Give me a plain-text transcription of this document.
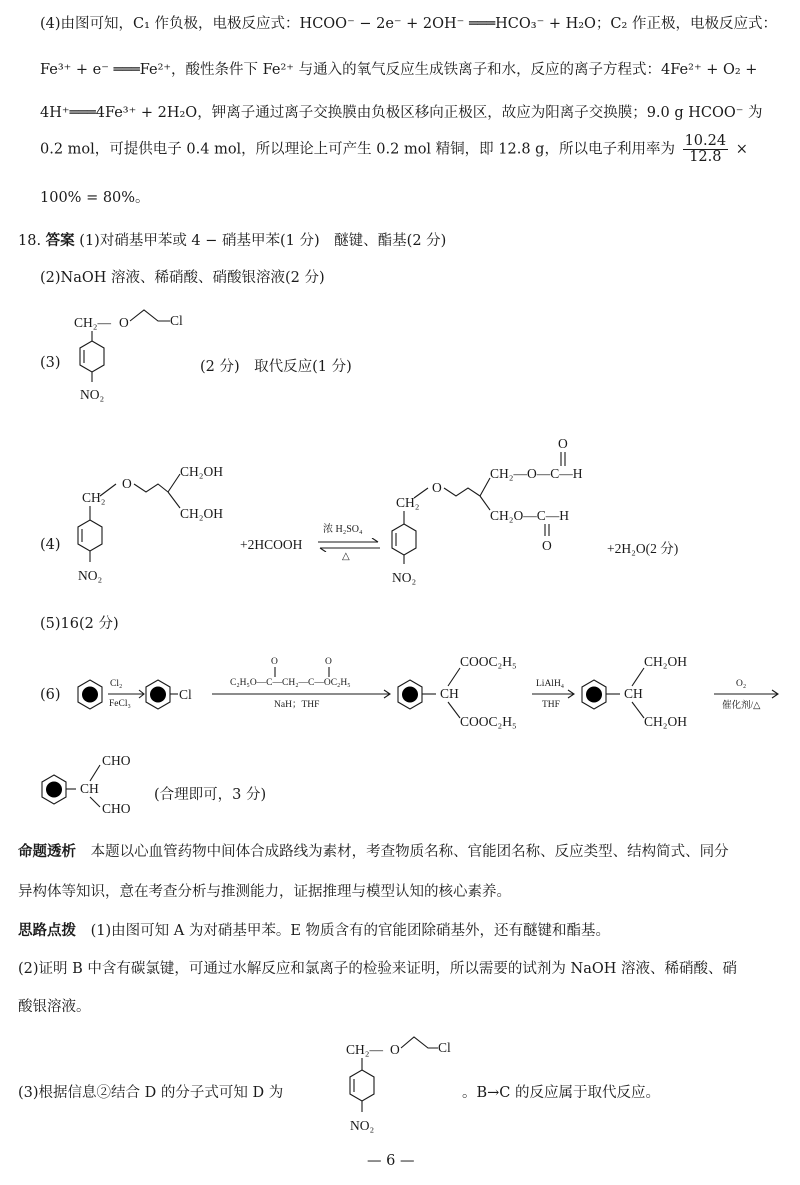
(4)由图可知，C₁ 作负极，电极反应式：HCOO⁻ − 2e⁻ + 2OH⁻ ═══HCO₃⁻ + H₂O；C₂ 作正极，电极反应式：
Fe³⁺ + e⁻ ═══Fe²⁺，酸性条件下 Fe²⁺ 与通入的氧气反应生成铁离子和水，反应的离子方程式：4Fe²⁺ + O₂ +
4H⁺═══4Fe³⁺ + 2H₂O，钾离子通过离子交换膜由负极区移向正极区，故应为阳离子交换膜；9.0 g HCOO⁻ 为
0.2 mol，可提供电子 0.4 mol，所以理论上可产生 0.2 mol 精铜，即 12.8 g，所以电子利用率为 $\frac{10.24}{12.8}$ ×
100% = 80%。
18. 答案 (1)对硝基甲苯或 4 − 硝基甲苯(1 分)　醚键、酯基(2 分)
(2)NaOH 溶液、稀硝酸、硝酸银溶液(2 分)
(3)
CH₂— O	Cl
NO₂
(2 分)　取代反应(1 分)
(4)
CH₂
NO₂
O
CH₂OH
CH₂OH
+2HCOOH
浓 H₂SO₄
△
CH₂
NO₂
O
CH₂—O—C—H
O
CH₂O—C—H
O	+2H₂O(2 分)
(5)16(2 分)
(6)
Cl₂
FeCl₃
Cl
C₂H₅O—C—CH₂—C—OC₂H₅
O	O
NaH；THF
CH
COOC₂H₅
COOC₂H₅
LiAlH₄
THF
CH
CH₂OH
CH₂OH
O₂
催化剂/△
CH
CHO
CHO
(合理即可，3 分)
命题透析 本题以心血管药物中间体合成路线为素材，考查物质名称、官能团名称、反应类型、结构简式、同分
异构体等知识，意在考查分析与推测能力，证据推理与模型认知的核心素养。
思路点拨 (1)由图可知 A 为对硝基甲苯。E 物质含有的官能团除硝基外，还有醚键和酯基。
(2)证明 B 中含有碳氯键，可通过水解反应和氯离子的检验来证明，所以需要的试剂为 NaOH 溶液、稀硝酸、硝
酸银溶液。
(3)根据信息②结合 D 的分子式可知 D 为
CH₂— O	Cl
NO₂
。B→C 的反应属于取代反应。
— 6 —
